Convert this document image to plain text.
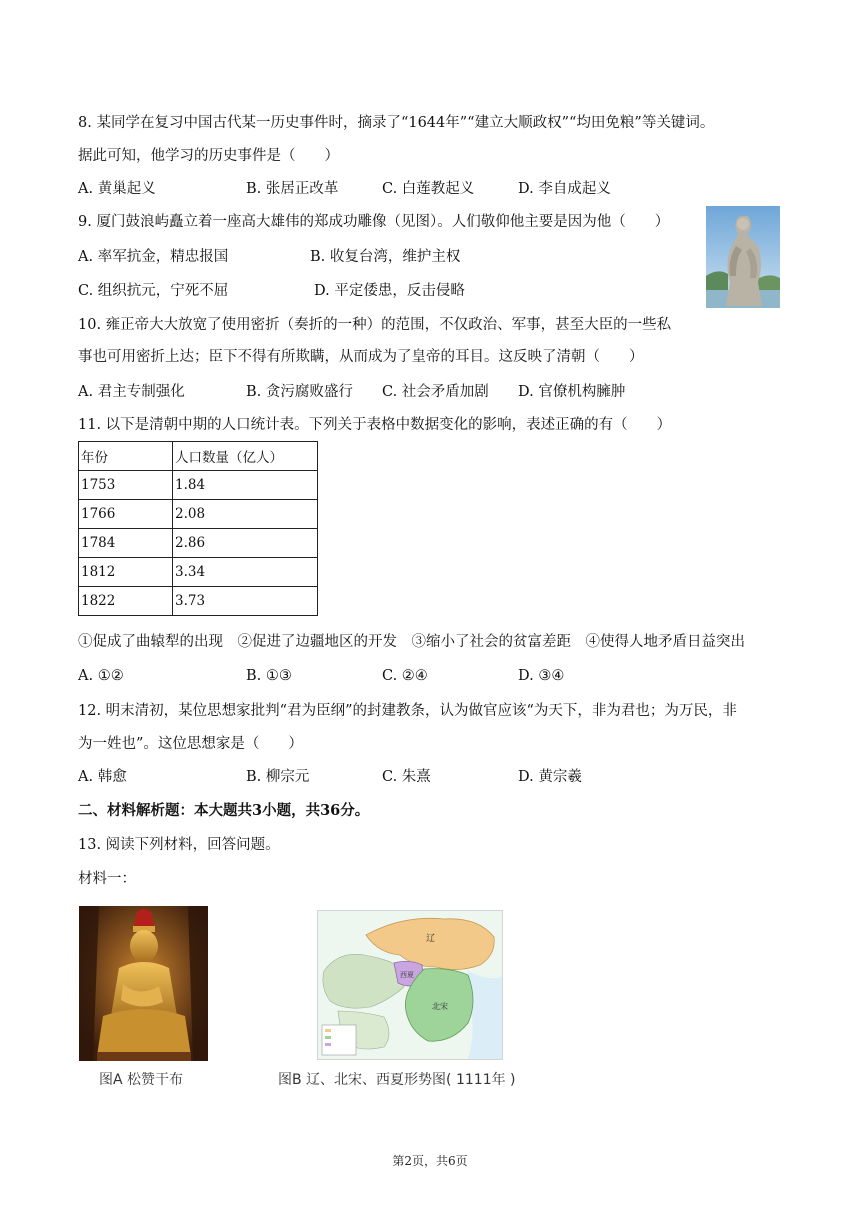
8. 某同学在复习中国古代某一历史事件时，摘录了“1644年”“建立大顺政权”“均田免粮”等关键词。
据此可知，他学习的历史事件是（　　）
A. 黄巢起义	B. 张居正改革	C. 白莲教起义	D. 李自成起义
9. 厦门鼓浪屿矗立着一座高大雄伟的郑成功雕像（见图）。人们敬仰他主要是因为他（　　）
A. 率军抗金，精忠报国	B. 收复台湾，维护主权
C. 组织抗元，宁死不屈	D. 平定倭患，反击侵略
10. 雍正帝大大放宽了使用密折（奏折的一种）的范围，不仅政治、军事，甚至大臣的一些私
事也可用密折上达；臣下不得有所欺瞒，从而成为了皇帝的耳目。这反映了清朝（　　）
A. 君主专制强化	B. 贪污腐败盛行 C. 社会矛盾加剧 D. 官僚机构臃肿
11. 以下是清朝中期的人口统计表。下列关于表格中数据变化的影响，表述正确的有（　　）
年份	人口数量（亿人）
1753	1.84
1766	2.08
1784	2.86
1812	3.34
1822	3.73
①促成了曲辕犁的出现　②促进了边疆地区的开发　③缩小了社会的贫富差距　④使得人地矛盾日益突出
A. ①②	B. ①③	C. ②④	D. ③④
12. 明末清初，某位思想家批判“君为臣纲”的封建教条，认为做官应该“为天下，非为君也；为万民，非
为一姓也”。这位思想家是（　　）
A. 韩愈	B. 柳宗元	C. 朱熹	D. 黄宗羲
二、材料解析题：本大题共3小题，共36分。
13. 阅读下列材料，回答问题。
材料一：
图A 松赞干布
辽
西夏
北宋
图B 辽、北宋、西夏形势图( 1111年 )
第2页，共6页
